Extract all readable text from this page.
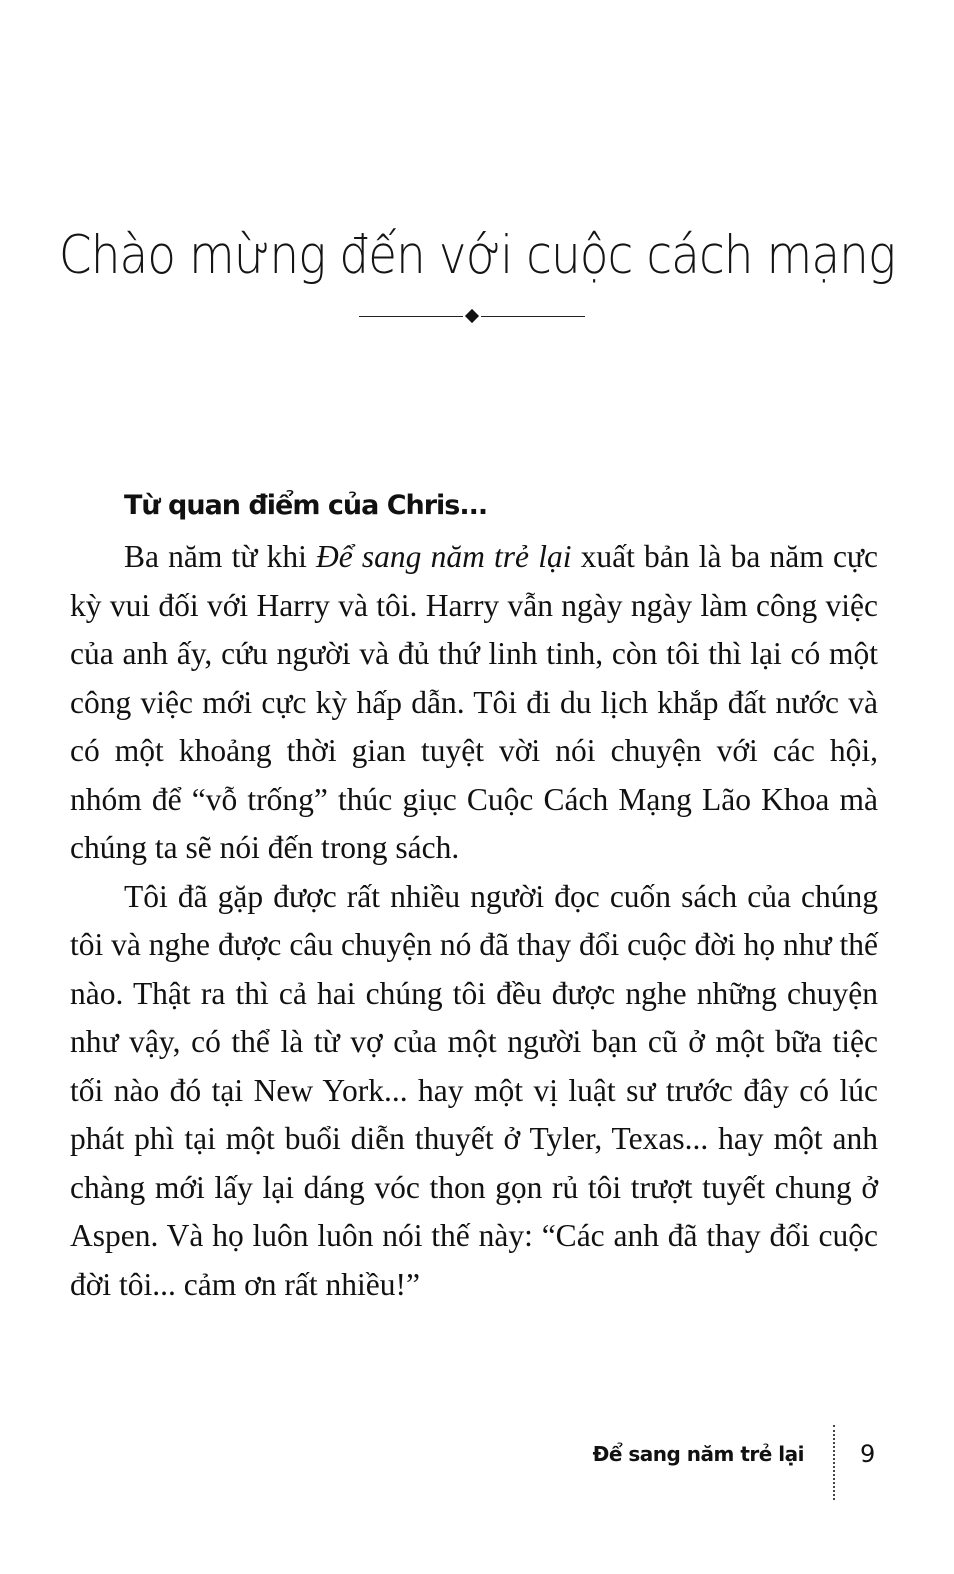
Chào mừng đến với cuộc cách mạng
Từ quan điểm của Chris...

Ba năm từ khi Để sang năm trẻ lại xuất bản là ba năm cực kỳ vui đối với Harry và tôi. Harry vẫn ngày ngày làm công việc của anh ấy, cứu người và đủ thứ linh tinh, còn tôi thì lại có một công việc mới cực kỳ hấp dẫn. Tôi đi du lịch khắp đất nước và có một khoảng thời gian tuyệt vời nói chuyện với các hội, nhóm để “vỗ trống” thúc giục Cuộc Cách Mạng Lão Khoa mà chúng ta sẽ nói đến trong sách.

Tôi đã gặp được rất nhiều người đọc cuốn sách của chúng tôi và nghe được câu chuyện nó đã thay đổi cuộc đời họ như thế nào. Thật ra thì cả hai chúng tôi đều được nghe những chuyện như vậy, có thể là từ vợ của một người bạn cũ ở một bữa tiệc tối nào đó tại New York... hay một vị luật sư trước đây có lúc phát phì tại một buổi diễn thuyết ở Tyler, Texas... hay một anh chàng mới lấy lại dáng vóc thon gọn rủ tôi trượt tuyết chung ở Aspen. Và họ luôn luôn nói thế này: “Các anh đã thay đổi cuộc đời tôi... cảm ơn rất nhiều!”

Để sang năm trẻ lại 9
